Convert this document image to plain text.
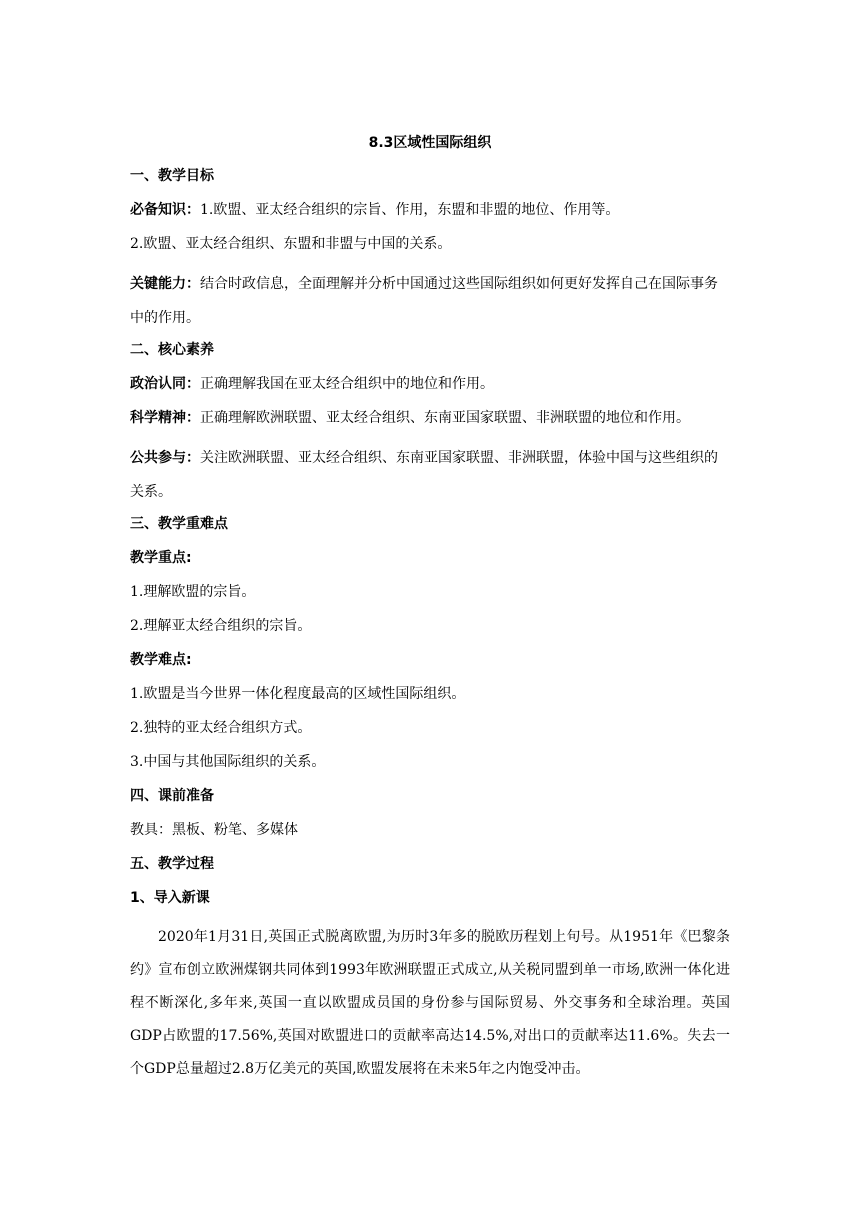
8.3区域性国际组织
一、教学目标
必备知识：1.欧盟、亚太经合组织的宗旨、作用，东盟和非盟的地位、作用等。
2.欧盟、亚太经合组织、东盟和非盟与中国的关系。
关键能力：结合时政信息，全面理解并分析中国通过这些国际组织如何更好发挥自己在国际事务中的作用。
二、核心素养
政治认同：正确理解我国在亚太经合组织中的地位和作用。
科学精神：正确理解欧洲联盟、亚太经合组织、东南亚国家联盟、非洲联盟的地位和作用。
公共参与：关注欧洲联盟、亚太经合组织、东南亚国家联盟、非洲联盟，体验中国与这些组织的关系。
三、教学重难点
教学重点:
1.理解欧盟的宗旨。
2.理解亚太经合组织的宗旨。
教学难点:
1.欧盟是当今世界一体化程度最高的区域性国际组织。
2.独特的亚太经合组织方式。
3.中国与其他国际组织的关系。
四、课前准备
教具：黑板、粉笔、多媒体
五、教学过程
1、导入新课

2020年1月31日,英国正式脱离欧盟,为历时3年多的脱欧历程划上句号。从1951年《巴黎条约》宣布创立欧洲煤钢共同体到1993年欧洲联盟正式成立,从关税同盟到单一市场,欧洲一体化进程不断深化,多年来,英国一直以欧盟成员国的身份参与国际贸易、外交事务和全球治理。英国GDP占欧盟的17.56%,英国对欧盟进口的贡献率高达14.5%,对出口的贡献率达11.6%。失去一个GDP总量超过2.8万亿美元的英国,欧盟发展将在未来5年之内饱受冲击。
